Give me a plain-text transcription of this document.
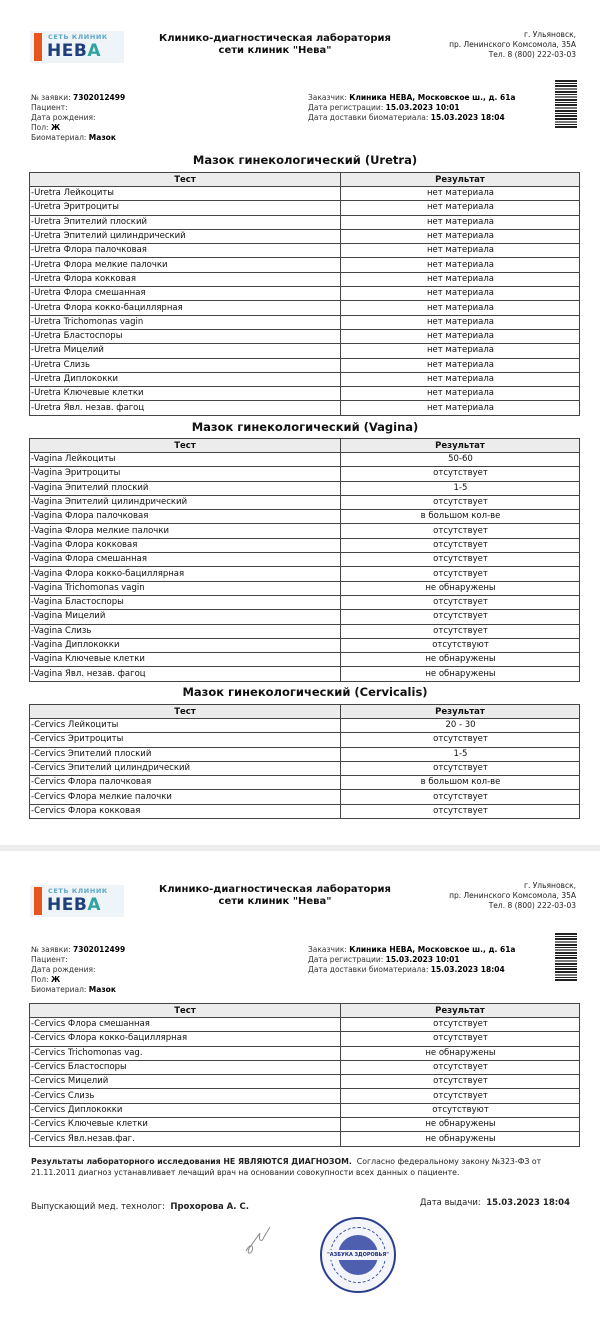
СЕТЬ КЛИНИК
НЕВА
Клинико-диагностическая лаборатория
сети клиник "Нева"
г. Ульяновск,
пр. Ленинского Комсомола, 35А
Тел. 8 (800) 222-03-03
№ заявки: 7302012499
Пациент:
Дата рождения:
Пол: Ж
Биоматериал: Мазок
Заказчик: Клиника НЕВА, Московское ш., д. 61а
Дата регистрации: 15.03.2023 10:01
Дата доставки биоматериала: 15.03.2023 18:04
Мазок гинекологический (Uretra)
Тест	Результат
-Uretra Лейкоциты	нет материала
-Uretra Эритроциты	нет материала
-Uretra Эпителий плоский	нет материала
-Uretra Эпителий цилиндрический	нет материала
-Uretra Флора палочковая	нет материала
-Uretra Флора мелкие палочки	нет материала
-Uretra Флора кокковая	нет материала
-Uretra Флора смешанная	нет материала
-Uretra Флора кокко-бациллярная	нет материала
-Uretra Trichomonas vagin	нет материала
-Uretra Бластоспоры	нет материала
-Uretra Мицелий	нет материала
-Uretra Слизь	нет материала
-Uretra Диплококки	нет материала
-Uretra Ключевые клетки	нет материала
-Uretra Явл. незав. фагоц	нет материала
Мазок гинекологический (Vagina)
Тест	Результат
-Vagina Лейкоциты	50-60
-Vagina Эритроциты	отсутствует
-Vagina Эпителий плоский	1-5
-Vagina Эпителий цилиндрический	отсутствует
-Vagina Флора палочковая	в большом кол-ве
-Vagina Флора мелкие палочки	отсутствует
-Vagina Флора кокковая	отсутствует
-Vagina Флора смешанная	отсутствует
-Vagina Флора кокко-бациллярная	отсутствует
-Vagina Trichomonas vagin	не обнаружены
-Vagina Бластоспоры	отсутствует
-Vagina Мицелий	отсутствует
-Vagina Слизь	отсутствует
-Vagina Диплококки	отсутствуют
-Vagina Ключевые клетки	не обнаружены
-Vagina Явл. незав. фагоц	не обнаружены
Мазок гинекологический (Cervicalis)
Тест	Результат
-Cervics Лейкоциты	20 - 30
-Cervics Эритроциты	отсутствует
-Cervics Эпителий плоский	1-5
-Cervics Эпителий цилиндрический	отсутствует
-Cervics Флора палочковая	в большом кол-ве
-Cervics Флора мелкие палочки	отсутствует
-Cervics Флора кокковая	отсутствует
СЕТЬ КЛИНИК
НЕВА
Клинико-диагностическая лаборатория
сети клиник "Нева"
г. Ульяновск,
пр. Ленинского Комсомола, 35А
Тел. 8 (800) 222-03-03
№ заявки: 7302012499
Пациент:
Дата рождения:
Пол: Ж
Биоматериал: Мазок
Заказчик: Клиника НЕВА, Московское ш., д. 61а
Дата регистрации: 15.03.2023 10:01
Дата доставки биоматериала: 15.03.2023 18:04
Тест	Результат
-Cervics Флора смешанная	отсутствует
-Cervics Флора кокко-бациллярная	отсутствует
-Cervics Trichomonas vag.	не обнаружены
-Cervics Бластоспоры	отсутствует
-Cervics Мицелий	отсутствует
-Cervics Слизь	отсутствует
-Cervics Диплококки	отсутствуют
-Cervics Ключевые клетки	не обнаружены
-Cervics Явл.незав.фаг.	не обнаружены
Результаты лабораторного исследования НЕ ЯВЛЯЮТСЯ ДИАГНОЗОМ. Согласно федеральному закону №323-ФЗ от 21.11.2011 диагноз устанавливает лечащий врач на основании совокупности всех данных о пациенте.
Выпускающий мед. технолог: Прохорова А. С.	Дата выдачи: 15.03.2023 18:04
"АЗБУКА ЗДОРОВЬЯ"
